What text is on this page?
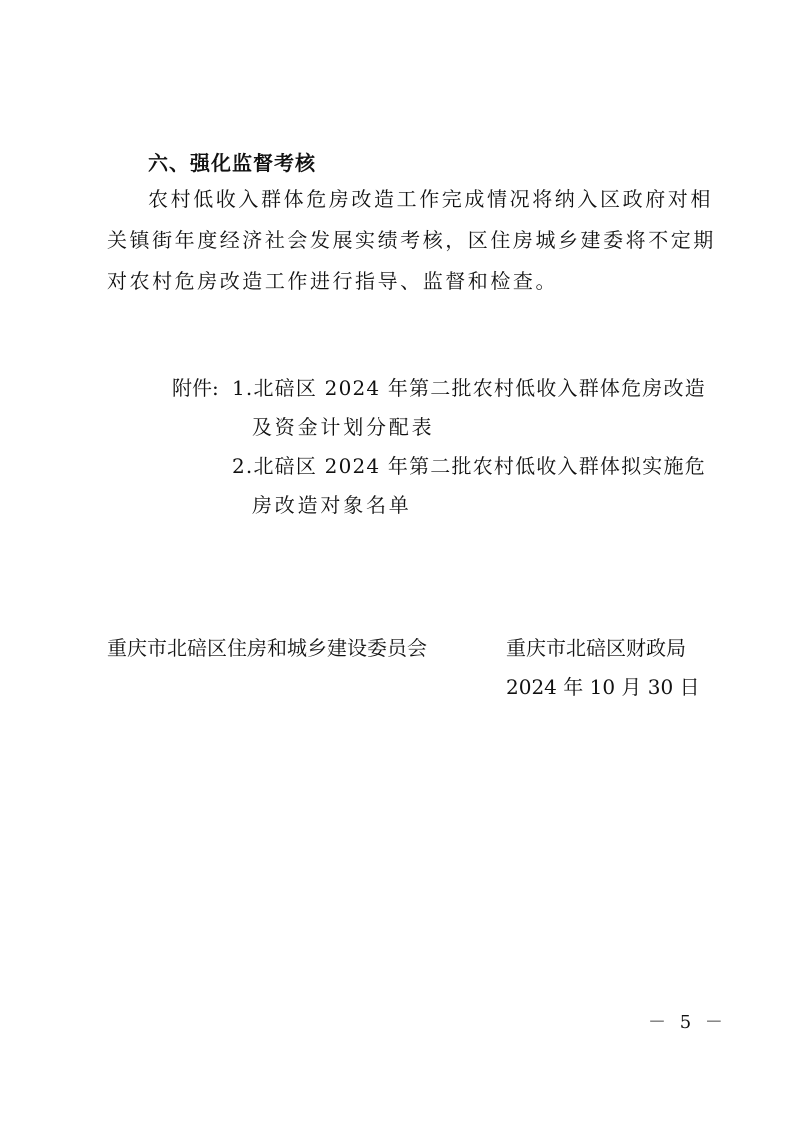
六、强化监督考核
农村低收入群体危房改造工作完成情况将纳入区政府对相
关镇街年度经济社会发展实绩考核，区住房城乡建委将不定期
对农村危房改造工作进行指导、监督和检查。
附件: 1.北碚区 2024 年第二批农村低收入群体危房改造
及资金计划分配表
2.北碚区 2024 年第二批农村低收入群体拟实施危
房改造对象名单
重庆市北碚区住房和城乡建设委员会	重庆市北碚区财政局
2024 年 10 月 30 日
－ 5 －
